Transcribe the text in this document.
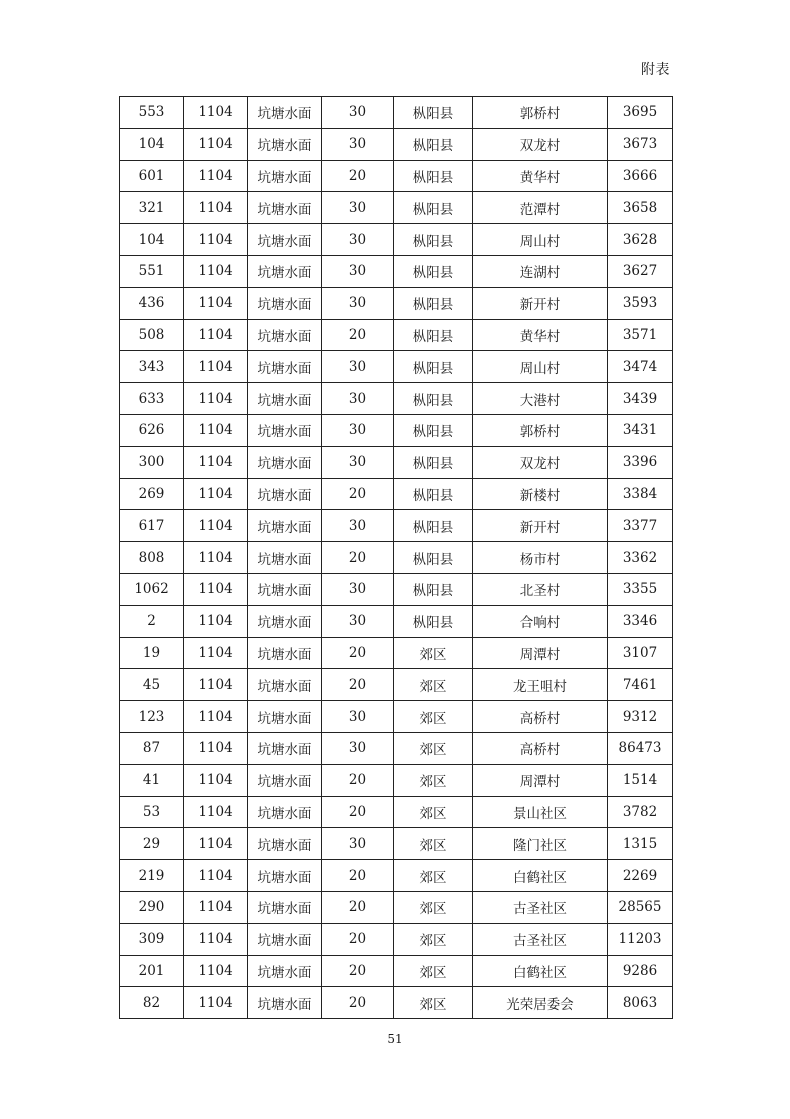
附表
553	1104	坑塘水面	30	枞阳县	郭桥村	3695
104	1104	坑塘水面	30	枞阳县	双龙村	3673
601	1104	坑塘水面	20	枞阳县	黄华村	3666
321	1104	坑塘水面	30	枞阳县	范潭村	3658
104	1104	坑塘水面	30	枞阳县	周山村	3628
551	1104	坑塘水面	30	枞阳县	连湖村	3627
436	1104	坑塘水面	30	枞阳县	新开村	3593
508	1104	坑塘水面	20	枞阳县	黄华村	3571
343	1104	坑塘水面	30	枞阳县	周山村	3474
633	1104	坑塘水面	30	枞阳县	大港村	3439
626	1104	坑塘水面	30	枞阳县	郭桥村	3431
300	1104	坑塘水面	30	枞阳县	双龙村	3396
269	1104	坑塘水面	20	枞阳县	新楼村	3384
617	1104	坑塘水面	30	枞阳县	新开村	3377
808	1104	坑塘水面	20	枞阳县	杨市村	3362
1062	1104	坑塘水面	30	枞阳县	北圣村	3355
2	1104	坑塘水面	30	枞阳县	合响村	3346
19	1104	坑塘水面	20	郊区	周潭村	3107
45	1104	坑塘水面	20	郊区	龙王咀村	7461
123	1104	坑塘水面	30	郊区	高桥村	9312
87	1104	坑塘水面	30	郊区	高桥村	86473
41	1104	坑塘水面	20	郊区	周潭村	1514
53	1104	坑塘水面	20	郊区	景山社区	3782
29	1104	坑塘水面	30	郊区	隆门社区	1315
219	1104	坑塘水面	20	郊区	白鹤社区	2269
290	1104	坑塘水面	20	郊区	古圣社区	28565
309	1104	坑塘水面	20	郊区	古圣社区	11203
201	1104	坑塘水面	20	郊区	白鹤社区	9286
82	1104	坑塘水面	20	郊区	光荣居委会	8063
51
